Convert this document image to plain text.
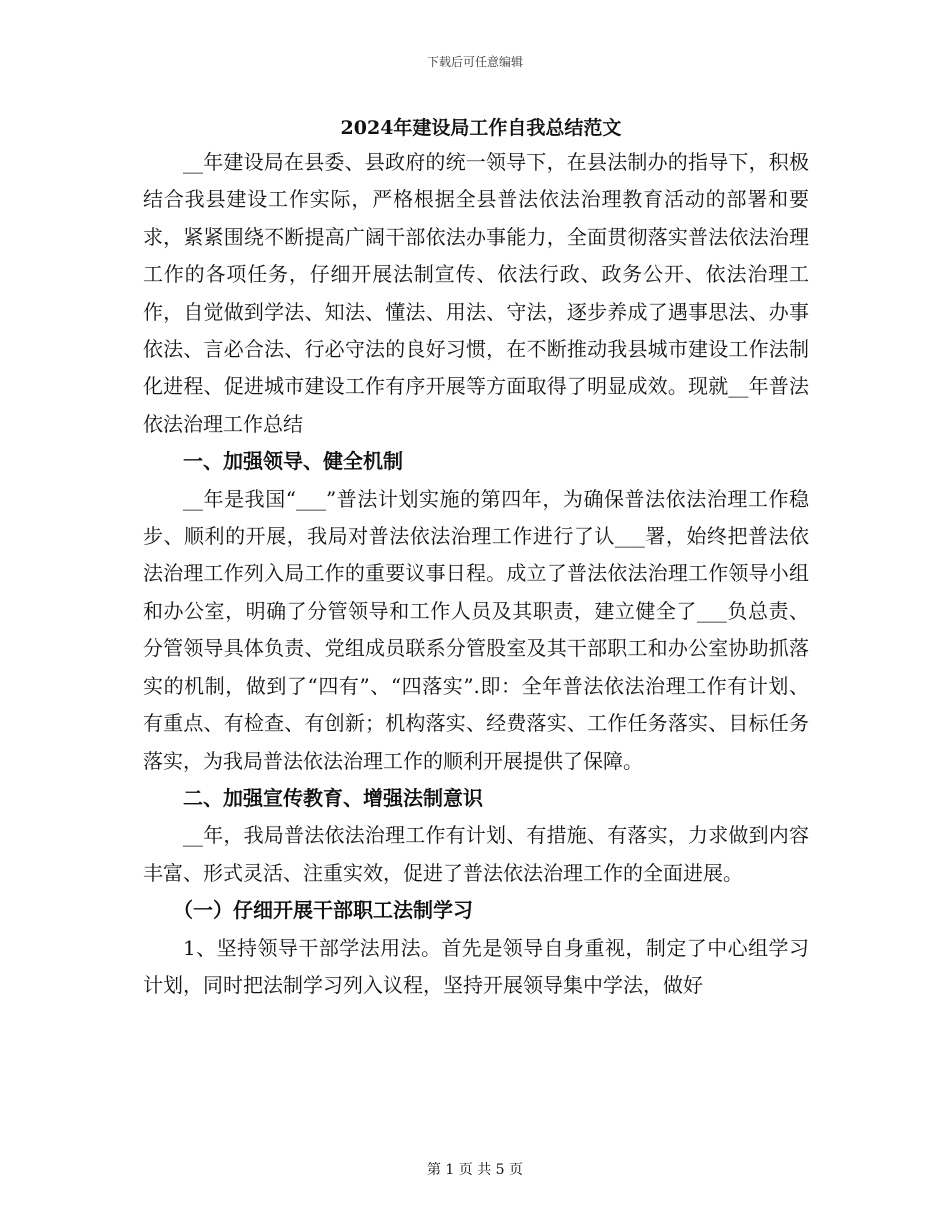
下载后可任意编辑
2024年建设局工作自我总结范文

__年建设局在县委、县政府的统一领导下，在县法制办的指导下，积极结合我县建设工作实际，严格根据全县普法依法治理教育活动的部署和要求，紧紧围绕不断提高广阔干部依法办事能力，全面贯彻落实普法依法治理工作的各项任务，仔细开展法制宣传、依法行政、政务公开、依法治理工作，自觉做到学法、知法、懂法、用法、守法，逐步养成了遇事思法、办事依法、言必合法、行必守法的良好习惯，在不断推动我县城市建设工作法制化进程、促进城市建设工作有序开展等方面取得了明显成效。现就__年普法依法治理工作总结

一、加强领导、健全机制

__年是我国“___”普法计划实施的第四年，为确保普法依法治理工作稳步、顺利的开展，我局对普法依法治理工作进行了认___署，始终把普法依法治理工作列入局工作的重要议事日程。成立了普法依法治理工作领导小组和办公室，明确了分管领导和工作人员及其职责，建立健全了___负总责、分管领导具体负责、党组成员联系分管股室及其干部职工和办公室协助抓落实的机制，做到了“四有”、“四落实”.即：全年普法依法治理工作有计划、有重点、有检查、有创新；机构落实、经费落实、工作任务落实、目标任务落实，为我局普法依法治理工作的顺利开展提供了保障。

二、加强宣传教育、增强法制意识

__年，我局普法依法治理工作有计划、有措施、有落实，力求做到内容丰富、形式灵活、注重实效，促进了普法依法治理工作的全面进展。

（一）仔细开展干部职工法制学习

1、坚持领导干部学法用法。首先是领导自身重视，制定了中心组学习计划，同时把法制学习列入议程，坚持开展领导集中学法，做好

第 1 页 共 5 页
